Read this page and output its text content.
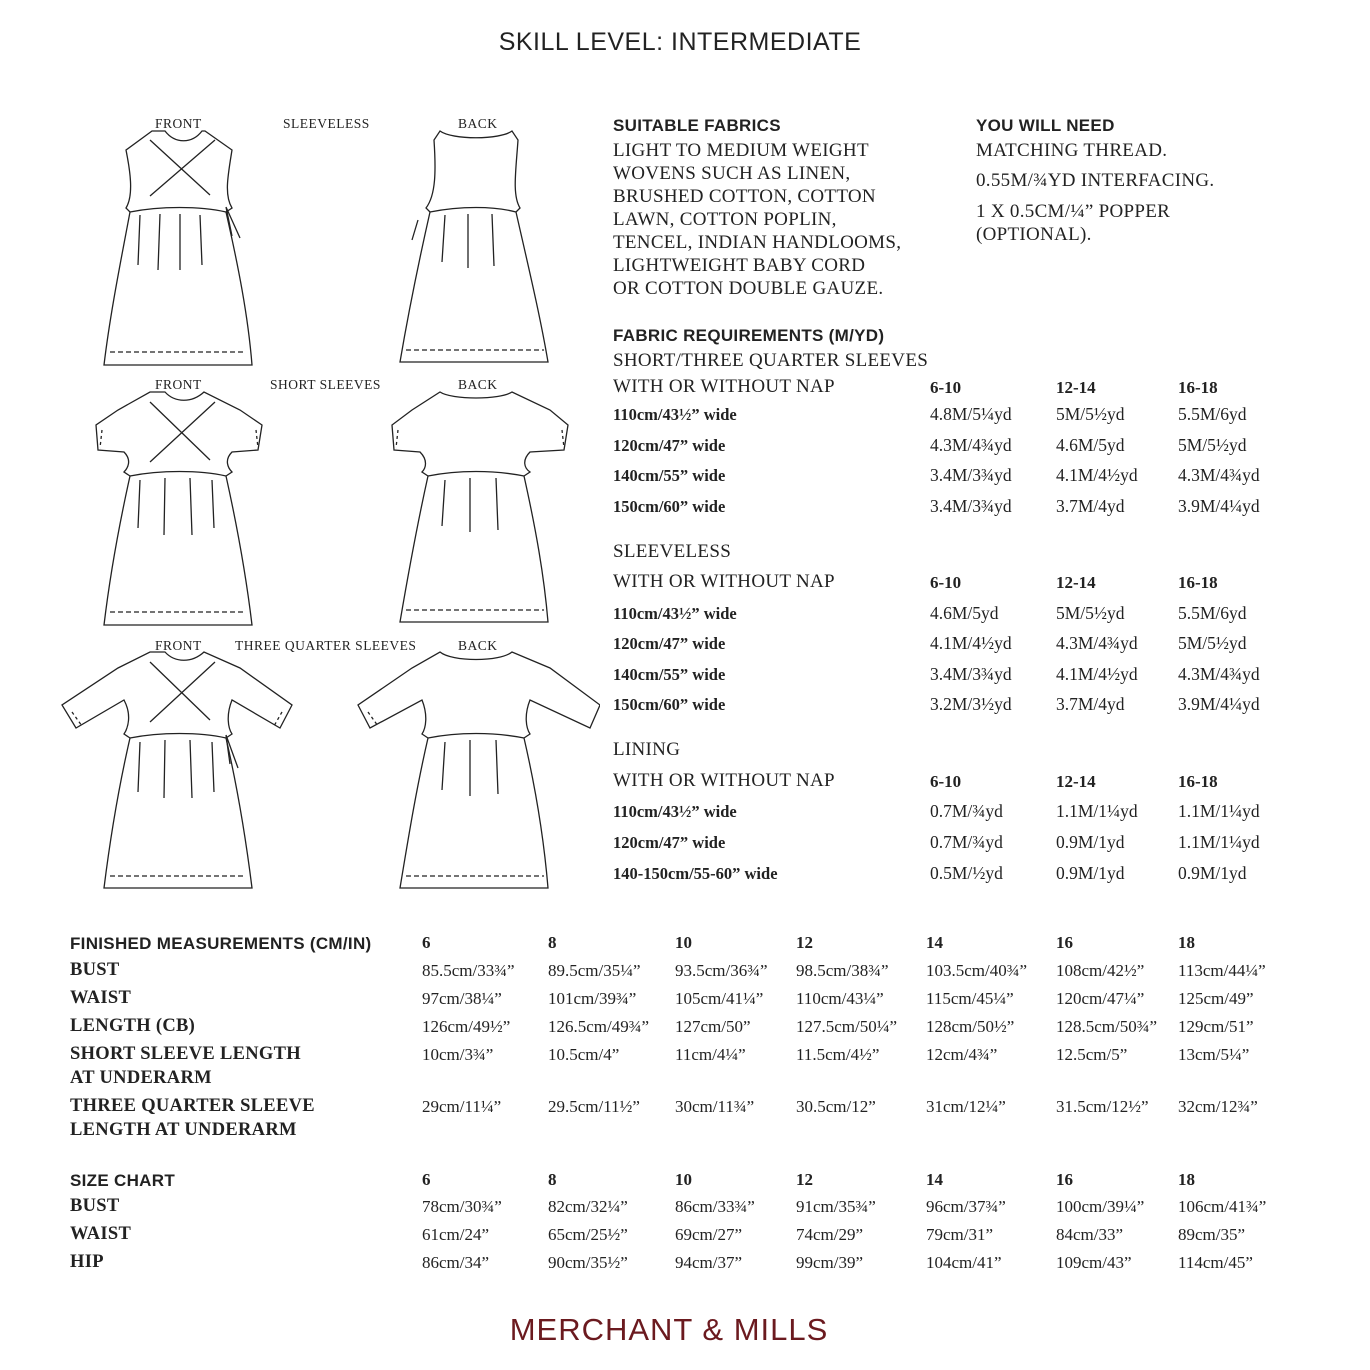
SKILL LEVEL: INTERMEDIATE
FRONT	SLEEVELESS	BACK
FRONT	SHORT SLEEVES	BACK
FRONT THREE QUARTER SLEEVES	BACK
SUITABLE FABRICS
LIGHT TO MEDIUM WEIGHT
WOVENS SUCH AS LINEN,
BRUSHED COTTON, COTTON
LAWN, COTTON POPLIN,
TENCEL, INDIAN HANDLOOMS,
LIGHTWEIGHT BABY CORD
OR COTTON DOUBLE GAUZE.
YOU WILL NEED
MATCHING THREAD.
0.55M/¾YD INTERFACING.
1 X 0.5CM/¼” POPPER
(OPTIONAL).
FABRIC REQUIREMENTS (M/YD)
SHORT/THREE QUARTER SLEEVES
WITH OR WITHOUT NAP	6-10	12-14	16-18
110cm/43½” wide	4.8M/5¼yd	5M/5½yd	5.5M/6yd
120cm/47” wide	4.3M/4¾yd	4.6M/5yd	5M/5½yd
140cm/55” wide	3.4M/3¾yd	4.1M/4½yd 4.3M/4¾yd
150cm/60” wide	3.4M/3¾yd	3.7M/4yd	3.9M/4¼yd
SLEEVELESS
WITH OR WITHOUT NAP	6-10	12-14	16-18
110cm/43½” wide	4.6M/5yd	5M/5½yd	5.5M/6yd
120cm/47” wide	4.1M/4½yd	4.3M/4¾yd 5M/5½yd
140cm/55” wide	3.4M/3¾yd	4.1M/4½yd 4.3M/4¾yd
150cm/60” wide	3.2M/3½yd	3.7M/4yd	3.9M/4¼yd
LINING
WITH OR WITHOUT NAP	6-10	12-14	16-18
110cm/43½” wide	0.7M/¾yd	1.1M/1¼yd 1.1M/1¼yd
120cm/47” wide	0.7M/¾yd	0.9M/1yd	1.1M/1¼yd
140-150cm/55-60” wide	0.5M/½yd	0.9M/1yd	0.9M/1yd
FINISHED MEASUREMENTS (CM/IN)	6	8	10	12	14	16	18
BUST	85.5cm/33¾” 89.5cm/35¼” 93.5cm/36¾” 98.5cm/38¾” 103.5cm/40¾” 108cm/42½” 113cm/44¼”
WAIST	97cm/38¼”	101cm/39¾” 105cm/41¼” 110cm/43¼” 115cm/45¼” 120cm/47¼” 125cm/49”
LENGTH (CB)	126cm/49½” 126.5cm/49¾” 127cm/50”	127.5cm/50¼” 128cm/50½” 128.5cm/50¾” 129cm/51”
SHORT SLEEVE LENGTH
AT UNDERARM
10cm/3¾”	10.5cm/4”	11cm/4¼”	11.5cm/4½”	12cm/4¾”	12.5cm/5”	13cm/5¼”
THREE QUARTER SLEEVE
LENGTH AT UNDERARM
29cm/11¼”	29.5cm/11½” 30cm/11¾” 30.5cm/12”	31cm/12¼”	31.5cm/12½” 32cm/12¾”
SIZE CHART	6	8	10	12	14	16	18
BUST	78cm/30¾”	82cm/32¼”	86cm/33¾” 91cm/35¾”	96cm/37¾”	100cm/39¼” 106cm/41¾”
WAIST	61cm/24”	65cm/25½”	69cm/27”	74cm/29”	79cm/31”	84cm/33”	89cm/35”
HIP	86cm/34”	90cm/35½”	94cm/37”	99cm/39”	104cm/41”	109cm/43”	114cm/45”
MERCHANT & MILLS
